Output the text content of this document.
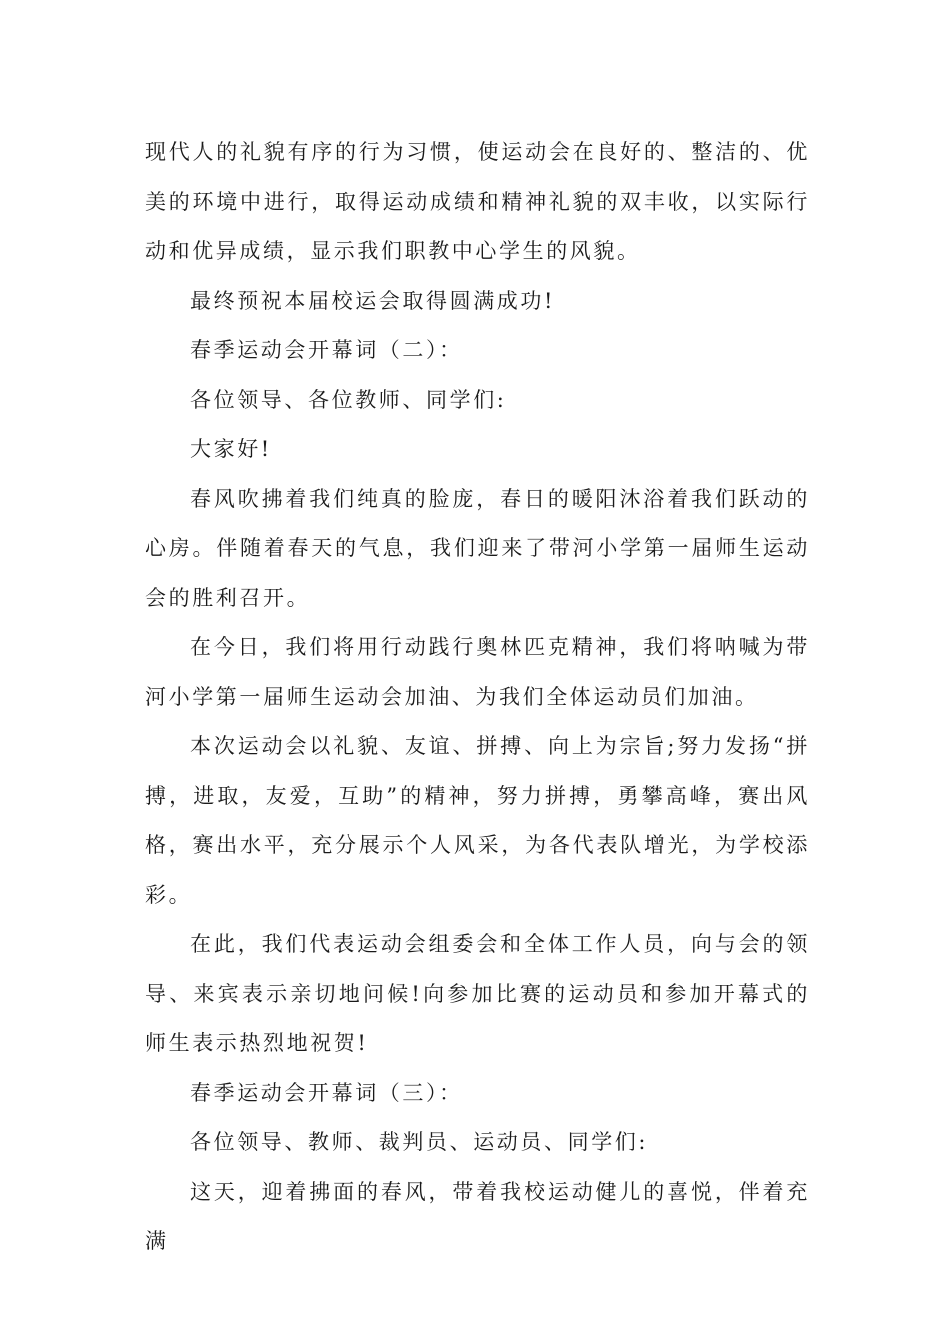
现代人的礼貌有序的行为习惯，使运动会在良好的、整洁的、优美的环境中进行，取得运动成绩和精神礼貌的双丰收，以实际行动和优异成绩，显示我们职教中心学生的风貌。

最终预祝本届校运会取得圆满成功!

春季运动会开幕词（二）：

各位领导、各位教师、同学们:

大家好!

春风吹拂着我们纯真的脸庞，春日的暖阳沐浴着我们跃动的心房。伴随着春天的气息，我们迎来了带河小学第一届师生运动会的胜利召开。

在今日，我们将用行动践行奥林匹克精神，我们将呐喊为带河小学第一届师生运动会加油、为我们全体运动员们加油。

本次运动会以礼貌、友谊、拼搏、向上为宗旨;努力发扬“拼搏，进取，友爱，互助”的精神，努力拼搏，勇攀高峰，赛出风格，赛出水平，充分展示个人风采，为各代表队增光，为学校添彩。

在此，我们代表运动会组委会和全体工作人员，向与会的领导、来宾表示亲切地问候!向参加比赛的运动员和参加开幕式的师生表示热烈地祝贺!

春季运动会开幕词（三）：

各位领导、教师、裁判员、运动员、同学们:

这天，迎着拂面的春风，带着我校运动健儿的喜悦，伴着充满
